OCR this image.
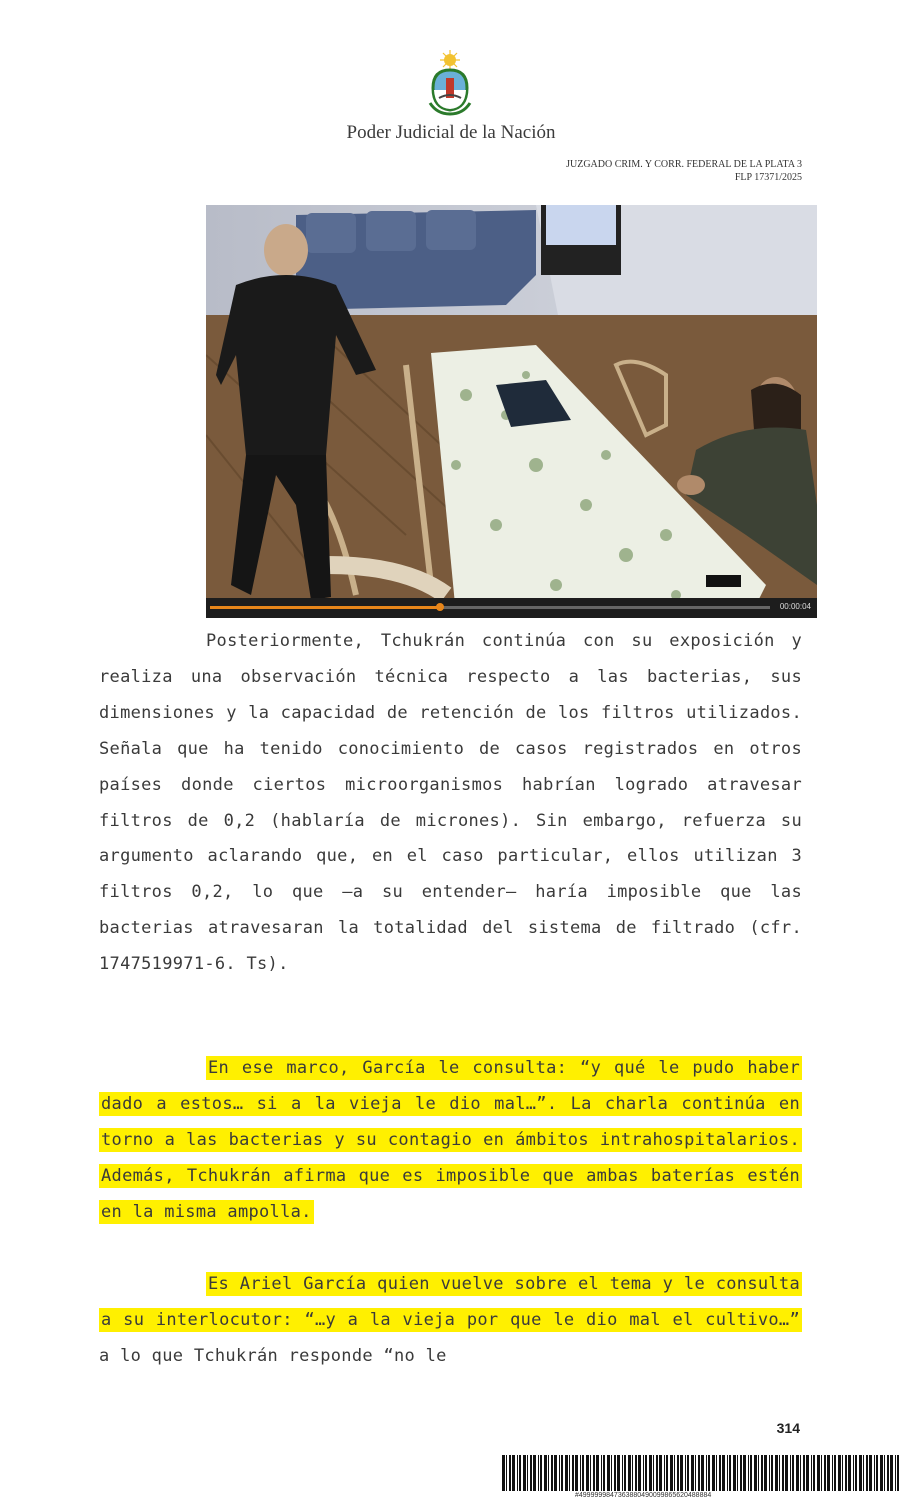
Poder Judicial de la Nación
JUZGADO CRIM. Y CORR. FEDERAL DE LA PLATA 3
FLP 17371/2025
00:00:04
Posteriormente, Tchukrán continúa con su exposición y realiza una observación técnica respecto a las bacterias, sus dimensiones y la capacidad de retención de los filtros utilizados. Señala que ha tenido conocimiento de casos registrados en otros países donde ciertos microorganismos habrían logrado atravesar filtros de 0,2 (hablaría de micrones). Sin embargo, refuerza su argumento aclarando que, en el caso particular, ellos utilizan 3 filtros 0,2, lo que —a su entender— haría imposible que las bacterias atravesaran la totalidad del sistema de filtrado (cfr. 1747519971-6. Ts).
En ese marco, García le consulta: “y qué le pudo haber dado a estos… si a la vieja le dio mal…”. La charla continúa en torno a las bacterias y su contagio en ámbitos intrahospitalarios. Además, Tchukrán afirma que es imposible que ambas baterías estén en la misma ampolla.
Es Ariel García quien vuelve sobre el tema y le consulta a su interlocutor: “…y a la vieja por que le dio mal el cultivo…” a lo que Tchukrán responde “no le
314
#4999999847363880490099865620488884
